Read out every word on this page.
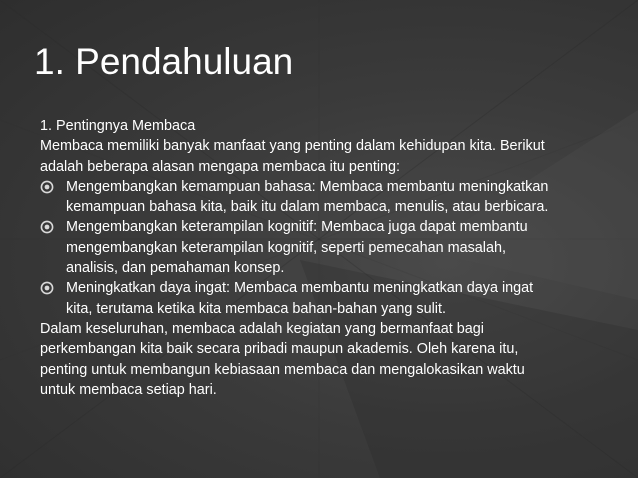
1. Pendahuluan

1. Pentingnya Membaca

Membaca memiliki banyak manfaat yang penting dalam kehidupan kita. Berikut adalah beberapa alasan mengapa membaca itu penting:

Mengembangkan kemampuan bahasa: Membaca membantu meningkatkan kemampuan bahasa kita, baik itu dalam membaca, menulis, atau berbicara.
Mengembangkan keterampilan kognitif: Membaca juga dapat membantu mengembangkan keterampilan kognitif, seperti pemecahan masalah, analisis, dan pemahaman konsep.
Meningkatkan daya ingat: Membaca membantu meningkatkan daya ingat kita, terutama ketika kita membaca bahan-bahan yang sulit.

Dalam keseluruhan, membaca adalah kegiatan yang bermanfaat bagi perkembangan kita baik secara pribadi maupun akademis. Oleh karena itu, penting untuk membangun kebiasaan membaca dan mengalokasikan waktu untuk membaca setiap hari.
